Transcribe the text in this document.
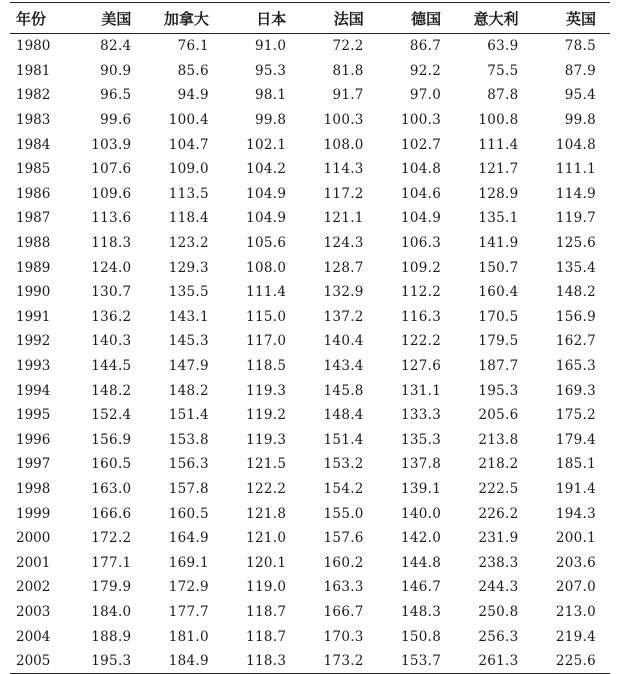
年份	美国	加拿大	日本	法国	德国	意大利	英国
1980	82.4	76.1	91.0	72.2	86.7	63.9	78.5
1981	90.9	85.6	95.3	81.8	92.2	75.5	87.9
1982	96.5	94.9	98.1	91.7	97.0	87.8	95.4
1983	99.6	100.4	99.8	100.3	100.3	100.8	99.8
1984	103.9	104.7	102.1	108.0	102.7	111.4	104.8
1985	107.6	109.0	104.2	114.3	104.8	121.7	111.1
1986	109.6	113.5	104.9	117.2	104.6	128.9	114.9
1987	113.6	118.4	104.9	121.1	104.9	135.1	119.7
1988	118.3	123.2	105.6	124.3	106.3	141.9	125.6
1989	124.0	129.3	108.0	128.7	109.2	150.7	135.4
1990	130.7	135.5	111.4	132.9	112.2	160.4	148.2
1991	136.2	143.1	115.0	137.2	116.3	170.5	156.9
1992	140.3	145.3	117.0	140.4	122.2	179.5	162.7
1993	144.5	147.9	118.5	143.4	127.6	187.7	165.3
1994	148.2	148.2	119.3	145.8	131.1	195.3	169.3
1995	152.4	151.4	119.2	148.4	133.3	205.6	175.2
1996	156.9	153.8	119.3	151.4	135.3	213.8	179.4
1997	160.5	156.3	121.5	153.2	137.8	218.2	185.1
1998	163.0	157.8	122.2	154.2	139.1	222.5	191.4
1999	166.6	160.5	121.8	155.0	140.0	226.2	194.3
2000	172.2	164.9	121.0	157.6	142.0	231.9	200.1
2001	177.1	169.1	120.1	160.2	144.8	238.3	203.6
2002	179.9	172.9	119.0	163.3	146.7	244.3	207.0
2003	184.0	177.7	118.7	166.7	148.3	250.8	213.0
2004	188.9	181.0	118.7	170.3	150.8	256.3	219.4
2005	195.3	184.9	118.3	173.2	153.7	261.3	225.6
